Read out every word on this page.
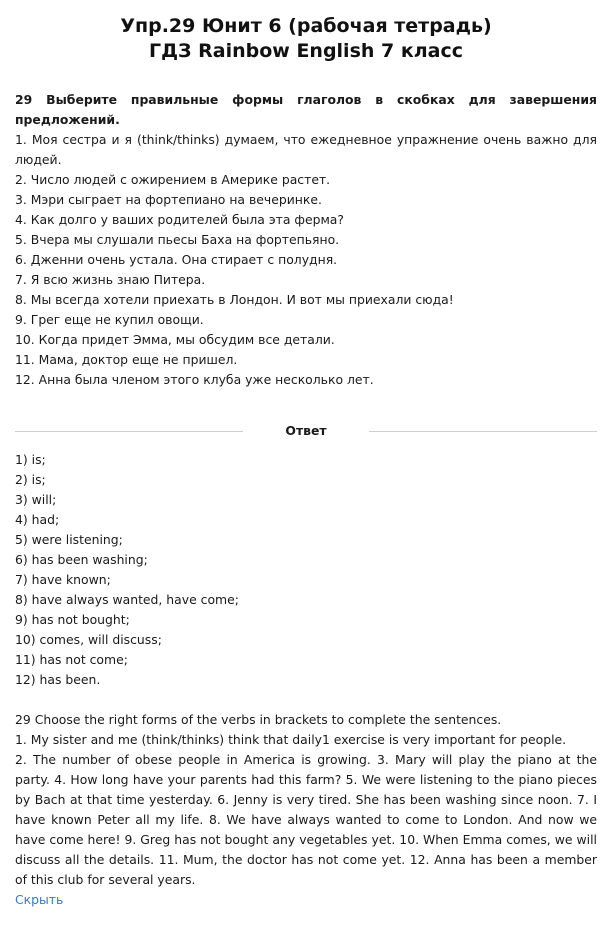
Упр.29 Юнит 6 (рабочая тетрадь)
ГДЗ Rainbow English 7 класс

29 Выберите правильные формы глаголов в скобках для завершения предложений.

1. Моя сестра и я (think/thinks) думаем, что ежедневное упражнение очень важно для людей.

2. Число людей с ожирением в Америке растет.

3. Мэри сыграет на фортепиано на вечеринке.

4. Как долго у ваших родителей была эта ферма?

5. Вчера мы слушали пьесы Баха на фортепьяно.

6. Дженни очень устала. Она стирает с полудня.

7. Я всю жизнь знаю Питера.

8. Мы всегда хотели приехать в Лондон. И вот мы приехали сюда!

9. Грег еще не купил овощи.

10. Когда придет Эмма, мы обсудим все детали.

11. Мама, доктор еще не пришел.

12. Анна была членом этого клуба уже несколько лет.

Ответ

1) is;

2) is;

3) will;

4) had;

5) were listening;

6) has been washing;

7) have known;

8) have always wanted, have come;

9) has not bought;

10) comes, will discuss;

11) has not come;

12) has been.

29 Choose the right forms of the verbs in brackets to complete the sentences.

1. My sister and me (think/thinks) think that daily1 exercise is very important for people.

2. The number of obese people in America is growing. 3. Mary will play the piano at the party. 4. How long have your parents had this farm? 5. We were listening to the piano pieces by Bach at that time yesterday. 6. Jenny is very tired. She has been washing since noon. 7. I have known Peter all my life. 8. We have always wanted to come to London. And now we have come here! 9. Greg has not bought any vegetables yet. 10. When Emma comes, we will discuss all the details. 11. Mum, the doctor has not come yet. 12. Anna has been a member of this club for several years.

Скрыть
